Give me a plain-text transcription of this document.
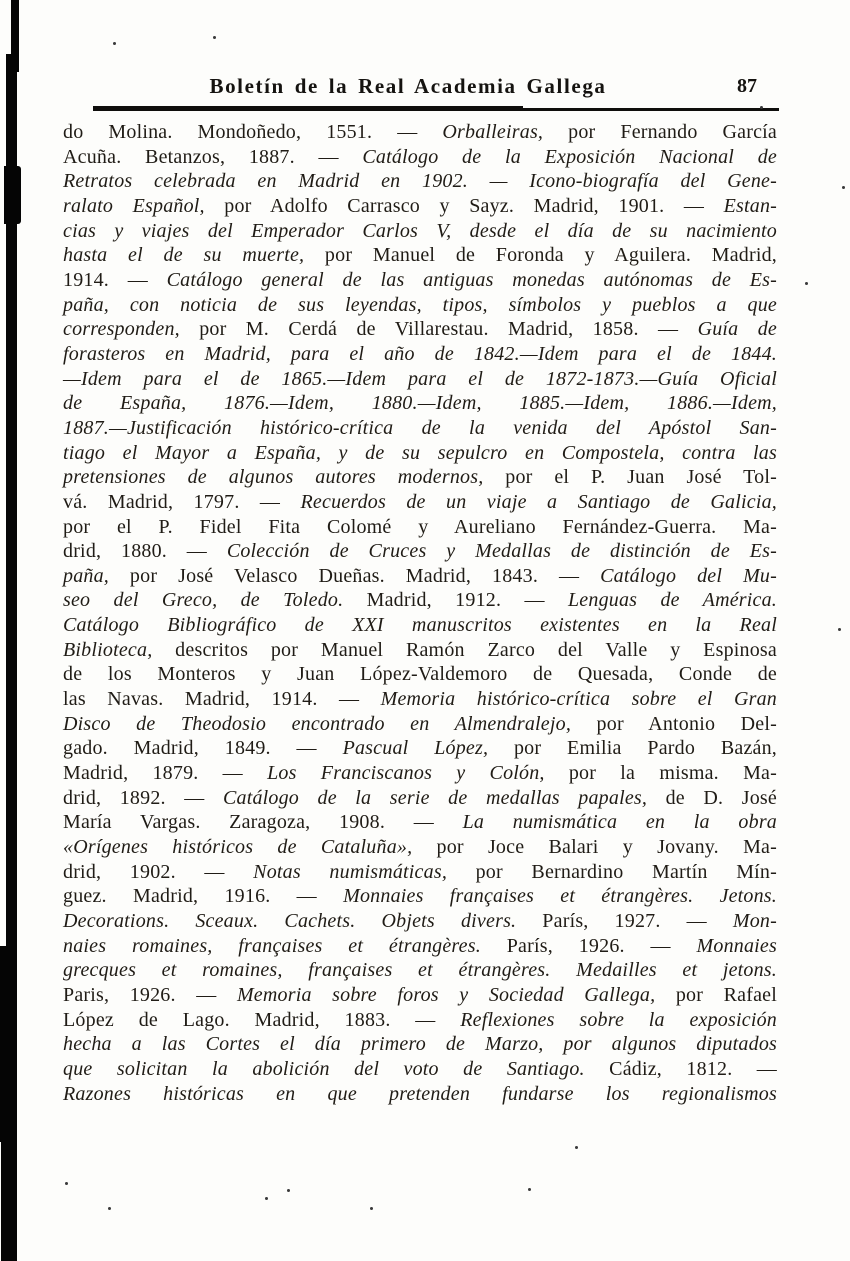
Boletín de la Real Academia Gallega	87
do Molina. Mondoñedo, 1551. — Orballeiras, por Fernando García
Acuña. Betanzos, 1887. — Catálogo de la Exposición Nacional de
Retratos celebrada en Madrid en 1902. — Icono-biografía del Gene-
ralato Español, por Adolfo Carrasco y Sayz. Madrid, 1901. — Estan-
cias y viajes del Emperador Carlos V, desde el día de su nacimiento
hasta el de su muerte, por Manuel de Foronda y Aguilera. Madrid,
1914. — Catálogo general de las antiguas monedas autónomas de Es-
paña, con noticia de sus leyendas, tipos, símbolos y pueblos a que
corresponden, por M. Cerdá de Villarestau. Madrid, 1858. — Guía de
forasteros en Madrid, para el año de 1842.—Idem para el de 1844.
—Idem para el de 1865.—Idem para el de 1872-1873.—Guía Oficial
de España, 1876.—Idem, 1880.—Idem, 1885.—Idem, 1886.—Idem,
1887.—Justificación histórico-crítica de la venida del Apóstol San-
tiago el Mayor a España, y de su sepulcro en Compostela, contra las
pretensiones de algunos autores modernos, por el P. Juan José Tol-
vá. Madrid, 1797. — Recuerdos de un viaje a Santiago de Galicia,
por el P. Fidel Fita Colomé y Aureliano Fernández-Guerra. Ma-
drid, 1880. — Colección de Cruces y Medallas de distinción de Es-
paña, por José Velasco Dueñas. Madrid, 1843. — Catálogo del Mu-
seo del Greco, de Toledo. Madrid, 1912. — Lenguas de América.
Catálogo Bibliográfico de XXI manuscritos existentes en la Real
Biblioteca, descritos por Manuel Ramón Zarco del Valle y Espinosa
de los Monteros y Juan López-Valdemoro de Quesada, Conde de
las Navas. Madrid, 1914. — Memoria histórico-crítica sobre el Gran
Disco de Theodosio encontrado en Almendralejo, por Antonio Del-
gado. Madrid, 1849. — Pascual López, por Emilia Pardo Bazán,
Madrid, 1879. — Los Franciscanos y Colón, por la misma. Ma-
drid, 1892. — Catálogo de la serie de medallas papales, de D. José
María Vargas. Zaragoza, 1908. — La numismática en la obra
«Orígenes históricos de Cataluña», por Joce Balari y Jovany. Ma-
drid, 1902. — Notas numismáticas, por Bernardino Martín Mín-
guez. Madrid, 1916. — Monnaies françaises et étrangères. Jetons.
Decorations. Sceaux. Cachets. Objets divers. París, 1927. — Mon-
naies romaines, françaises et étrangères. París, 1926. — Monnaies
grecques et romaines, françaises et étrangères. Medailles et jetons.
Paris, 1926. — Memoria sobre foros y Sociedad Gallega, por Rafael
López de Lago. Madrid, 1883. — Reflexiones sobre la exposición
hecha a las Cortes el día primero de Marzo, por algunos diputados
que solicitan la abolición del voto de Santiago. Cádiz, 1812. —
Razones históricas en que pretenden fundarse los regionalismos
